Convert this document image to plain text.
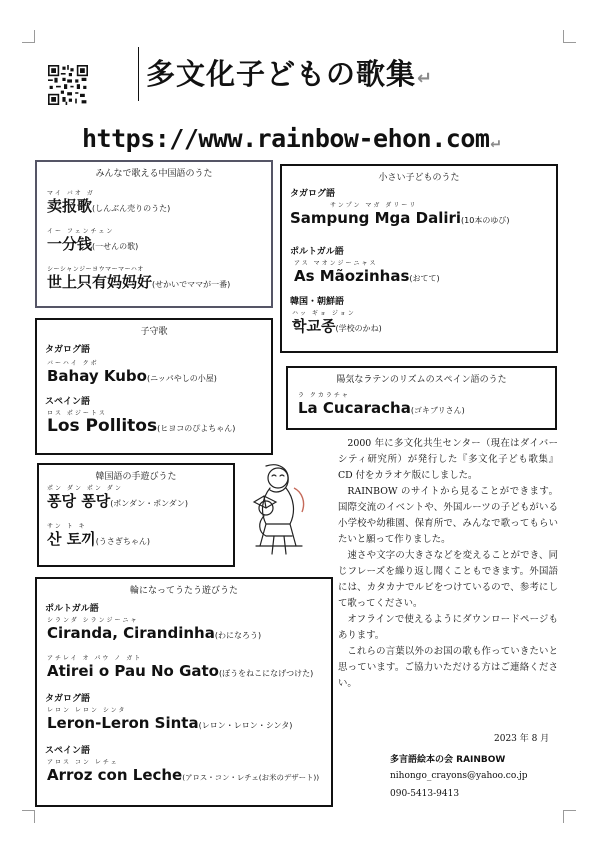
多文化子どもの歌集↵
https://www.rainbow-ehon.com↵
みんなで歌える中国語のうた
マイ バオ ガ
卖报歌(しんぶん売りのうた)
イー フェンチェン
一分钱(一せんの歌)
シーシャンジーヨウマーマーハオ
世上只有妈妈好(せかいでママが一番)
小さい子どものうた
タガログ語
サンプン マガ ダリーリ
Sampung Mga Daliri(10本のゆび)
ポルトガル語
アス マオンジーニャス
As Mãozinhas(おてて)
韓国・朝鮮語
ハッ ギョ ジョン
학교종(学校のかね)
子守歌
タガログ語
バーハイ クボ
Bahay Kubo(ニッパやしの小屋)
スペイン語
ロス ポジートス
Los Pollitos(ヒヨコのぴよちゃん)
陽気なラテンのリズムのスペイン語のうた
ラ クカラチャ
La Cucaracha(ゴキブリさん)
韓国語の手遊びうた
ポン ダン ポン ダン
퐁당 퐁당(ポンダン・ポンダン)
サン ト キ
산 토끼(うさぎちゃん)
輪になってうたう遊びうた
ポルトガル語
シランダ シランジーニャ
Ciranda, Cirandinha(わになろう)
アチレイ オ パウ ノ ガト
Atirei o Pau No Gato(ぼうをねこになげつけた)
タガログ語
レロン レロン シンタ
Leron-Leron Sinta(レロン・レロン・シンタ)
スペイン語
アロス コン レチェ
Arroz con Leche(アロス・コン・レチェ(お米のデザート))

2000 年に多文化共生センター（現在はダイバーシティ研究所）が発行した『多文化子ども歌集』CD 付をカラオケ版にしました。

RAINBOW のサイトから見ることができます。国際交流のイベントや、外国ルーツの子どもがいる小学校や幼稚園、保育所で、みんなで歌ってもらいたいと願って作りました。

速さや文字の大きさなどを変えることができ、同じフレーズを繰り返し聞くこともできます。外国語には、カタカナでルビをつけているので、参考にして歌ってください。

オフラインで使えるようにダウンロードページもあります。

これらの言葉以外のお国の歌も作っていきたいと思っています。ご協力いただける方はご連絡ください。

2023 年 8 月
多言語絵本の会 RAINBOW
nihongo_crayons@yahoo.co.jp
090-5413-9413
